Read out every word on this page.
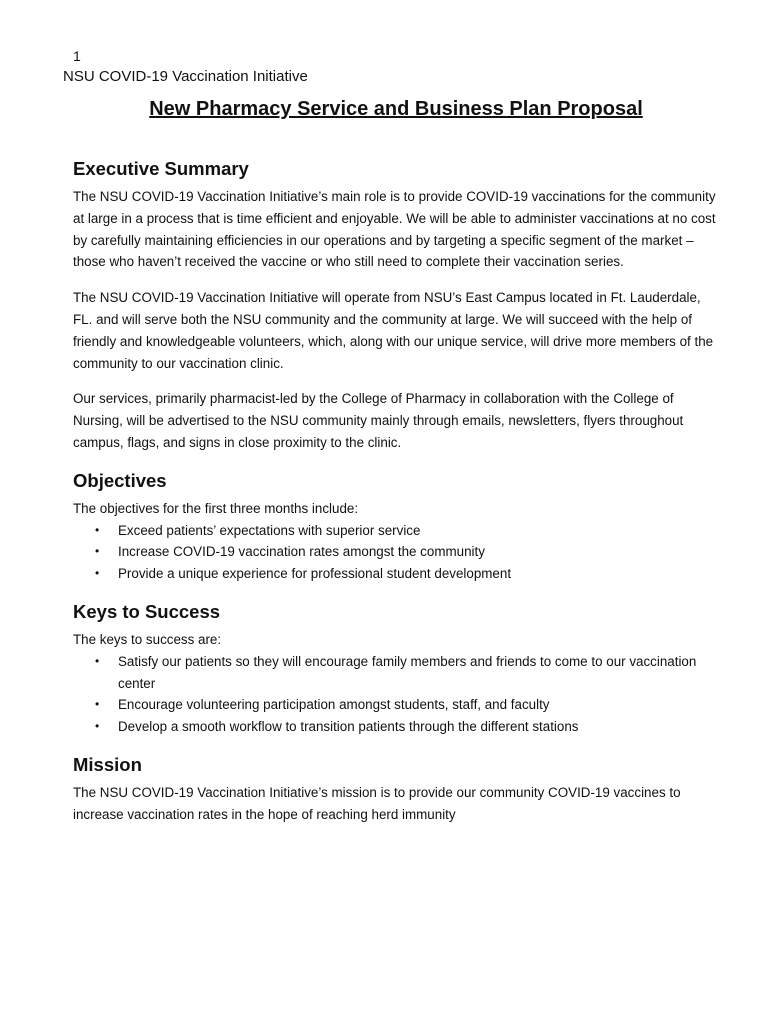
1
NSU COVID-19 Vaccination Initiative
New Pharmacy Service and Business Plan Proposal
Executive Summary

The NSU COVID-19 Vaccination Initiative’s main role is to provide COVID-19 vaccinations for the community at large in a process that is time efficient and enjoyable. We will be able to administer vaccinations at no cost by carefully maintaining efficiencies in our operations and by targeting a specific segment of the market – those who haven’t received the vaccine or who still need to complete their vaccination series.

The NSU COVID-19 Vaccination Initiative will operate from NSU’s East Campus located in Ft. Lauderdale, FL. and will serve both the NSU community and the community at large. We will succeed with the help of friendly and knowledgeable volunteers, which, along with our unique service, will drive more members of the community to our vaccination clinic.

Our services, primarily pharmacist-led by the College of Pharmacy in collaboration with the College of Nursing, will be advertised to the NSU community mainly through emails, newsletters, flyers throughout campus, flags, and signs in close proximity to the clinic.

Objectives

The objectives for the first three months include:

• Exceed patients’ expectations with superior service
• Increase COVID-19 vaccination rates amongst the community
• Provide a unique experience for professional student development
Keys to Success

The keys to success are:

• Satisfy our patients so they will encourage family members and friends to come to our vaccination center
• Encourage volunteering participation amongst students, staff, and faculty
• Develop a smooth workflow to transition patients through the different stations
Mission

The NSU COVID-19 Vaccination Initiative’s mission is to provide our community COVID-19 vaccines to increase vaccination rates in the hope of reaching herd immunity
